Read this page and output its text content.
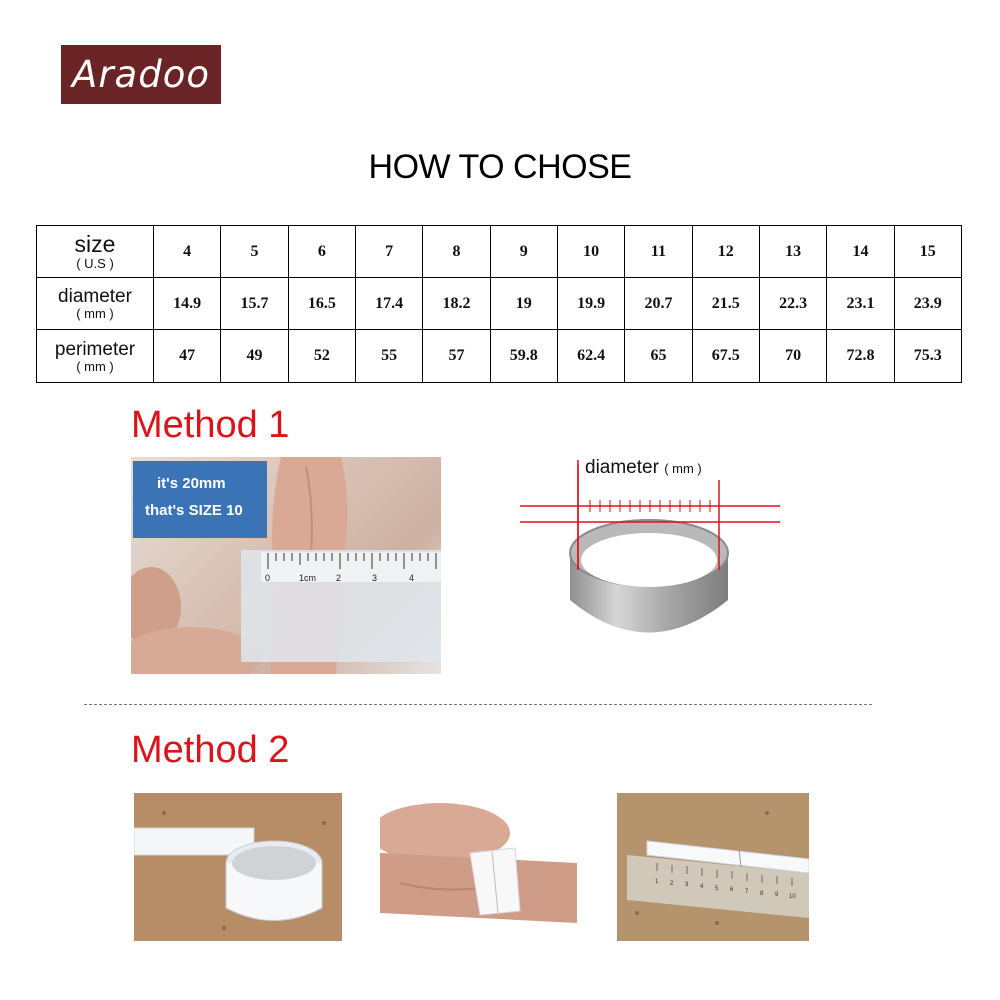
Aradoo
HOW TO CHOSE
size
( U.S )	4	5	6	7	8	9	10	11	12	13	14	15

diameter
( mm )	14.9	15.7	16.5	17.4	18.2	19	19.9	20.7	21.5	22.3	23.1	23.9

perimeter
( mm )	47	49	52	55	57	59.8	62.4	65	67.5	70	72.8	75.3
Method 1
0	1cm 2	3	4
it's 20mm
that's SIZE 10
diameter ( mm )
Method 2
1 2 3 4 5 6 7 8 9 10
